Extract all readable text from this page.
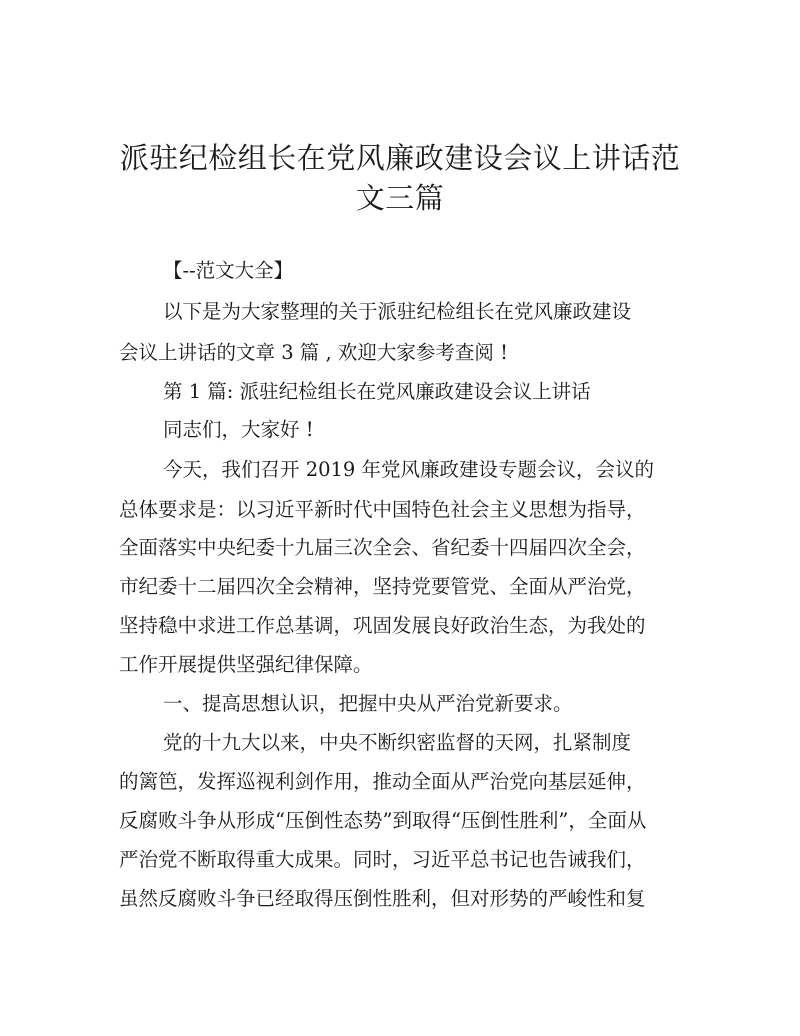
派驻纪检组长在党风廉政建设会议上讲话范
文三篇

【--范文大全】

以下是为大家整理的关于派驻纪检组长在党风廉政建设

会议上讲话的文章 3 篇 , 欢迎大家参考查阅 !

第 1 篇: 派驻纪检组长在党风廉政建设会议上讲话

同志们，大家好 !

今天，我们召开 2019 年党风廉政建设专题会议，会议的

总体要求是：以习近平新时代中国特色社会主义思想为指导，

全面落实中央纪委十九届三次全会、省纪委十四届四次全会，

市纪委十二届四次全会精神，坚持党要管党、全面从严治党，

坚持稳中求进工作总基调，巩固发展良好政治生态，为我处的

工作开展提供坚强纪律保障。

一、提高思想认识，把握中央从严治党新要求。

党的十九大以来，中央不断织密监督的天网，扎紧制度

的篱笆，发挥巡视利剑作用，推动全面从严治党向基层延伸，

反腐败斗争从形成“压倒性态势”到取得“压倒性胜利”，全面从

严治党不断取得重大成果。同时，习近平总书记也告诫我们，

虽然反腐败斗争已经取得压倒性胜利，但对形势的严峻性和复
